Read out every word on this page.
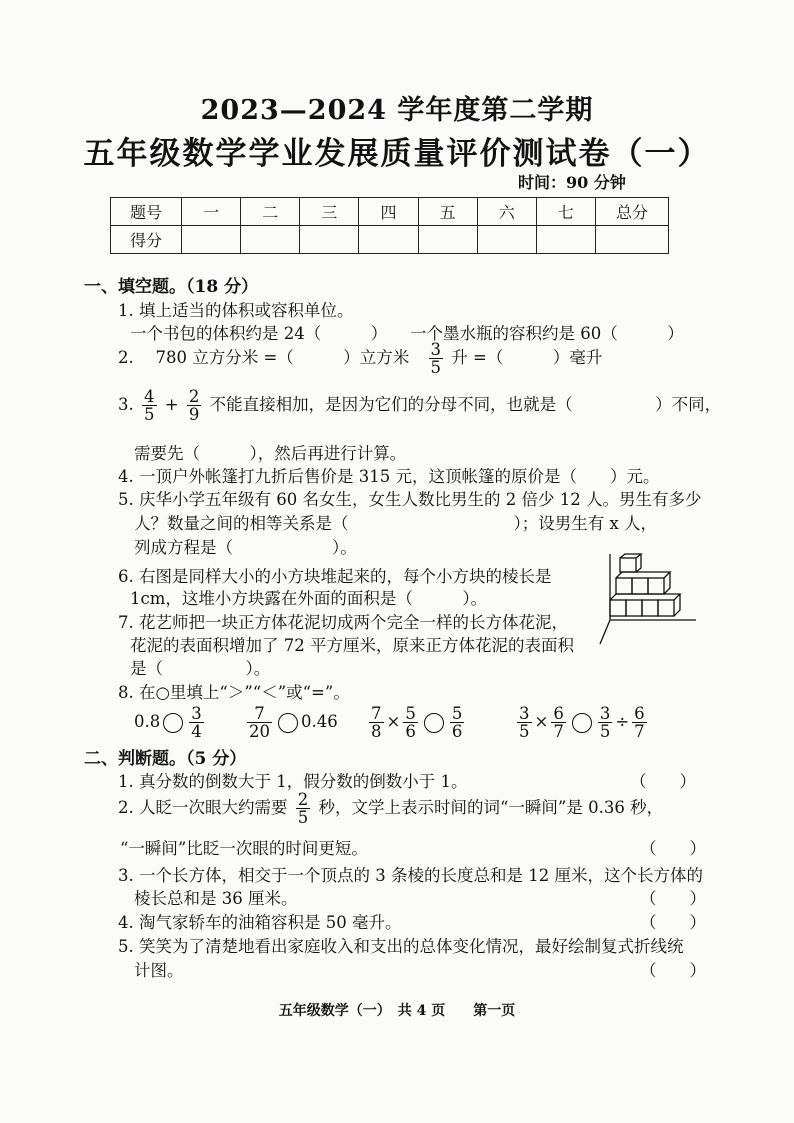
2023—2024 学年度第二学期
五年级数学学业发展质量评价测试卷（一）
时间：90 分钟
题号	一	二	三	四	五	六	七	总分
得分								
一、填空题。（18 分）
1. 填上适当的体积或容积单位。
一个书包的体积约是 24（　　　） 一个墨水瓶的容积约是 60（　　　）
2.　 780 立方分米 =（　　　）立方米 $\frac{3}{5}$ 升 =（　　　）毫升
3. $\frac{4}{5} + \frac{2}{9}$ 不能直接相加，是因为它们的分母不同，也就是（　　　　　）不同，
需要先（　　　），然后再进行计算。
4. 一顶户外帐篷打九折后售价是 315 元，这顶帐篷的原价是（　　）元。
5. 庆华小学五年级有 60 名女生，女生人数比男生的 2 倍少 12 人。男生有多少
人？数量之间的相等关系是（　　　　　　　　　　）；设男生有 x 人，
列成方程是（　　　　　　）。
6. 右图是同样大小的小方块堆起来的，每个小方块的棱长是
1cm，这堆小方块露在外面的面积是（　　　）。
7. 花艺师把一块正方体花泥切成两个完全一样的长方体花泥，
花泥的表面积增加了 72 平方厘米，原来正方体花泥的表面积
是（　　　　　）。
8. 在○里填上“＞”“＜”或“=”。
$0.8 \frac{3}{4}$	$\frac{7}{20} 0.46 \frac{7}{8} \times \frac{5}{6} \frac{5}{6}$	$\frac{3}{5} \times \frac{6}{7} \frac{3}{5} \div \frac{6}{7}$
二、判断题。（5 分）
1. 真分数的倒数大于 1，假分数的倒数小于 1。	（　　）
2. 人眨一次眼大约需要 $\frac{2}{5}$ 秒，文学上表示时间的词“一瞬间”是 0.36 秒，
“一瞬间”比眨一次眼的时间更短。	（　　）
3. 一个长方体，相交于一个顶点的 3 条棱的长度总和是 12 厘米，这个长方体的
棱长总和是 36 厘米。	（　　）
4. 淘气家轿车的油箱容积是 50 毫升。	（　　）
5. 笑笑为了清楚地看出家庭收入和支出的总体变化情况，最好绘制复式折线统
计图。	（　　）
五年级数学（一）　共 4 页　　第一页
